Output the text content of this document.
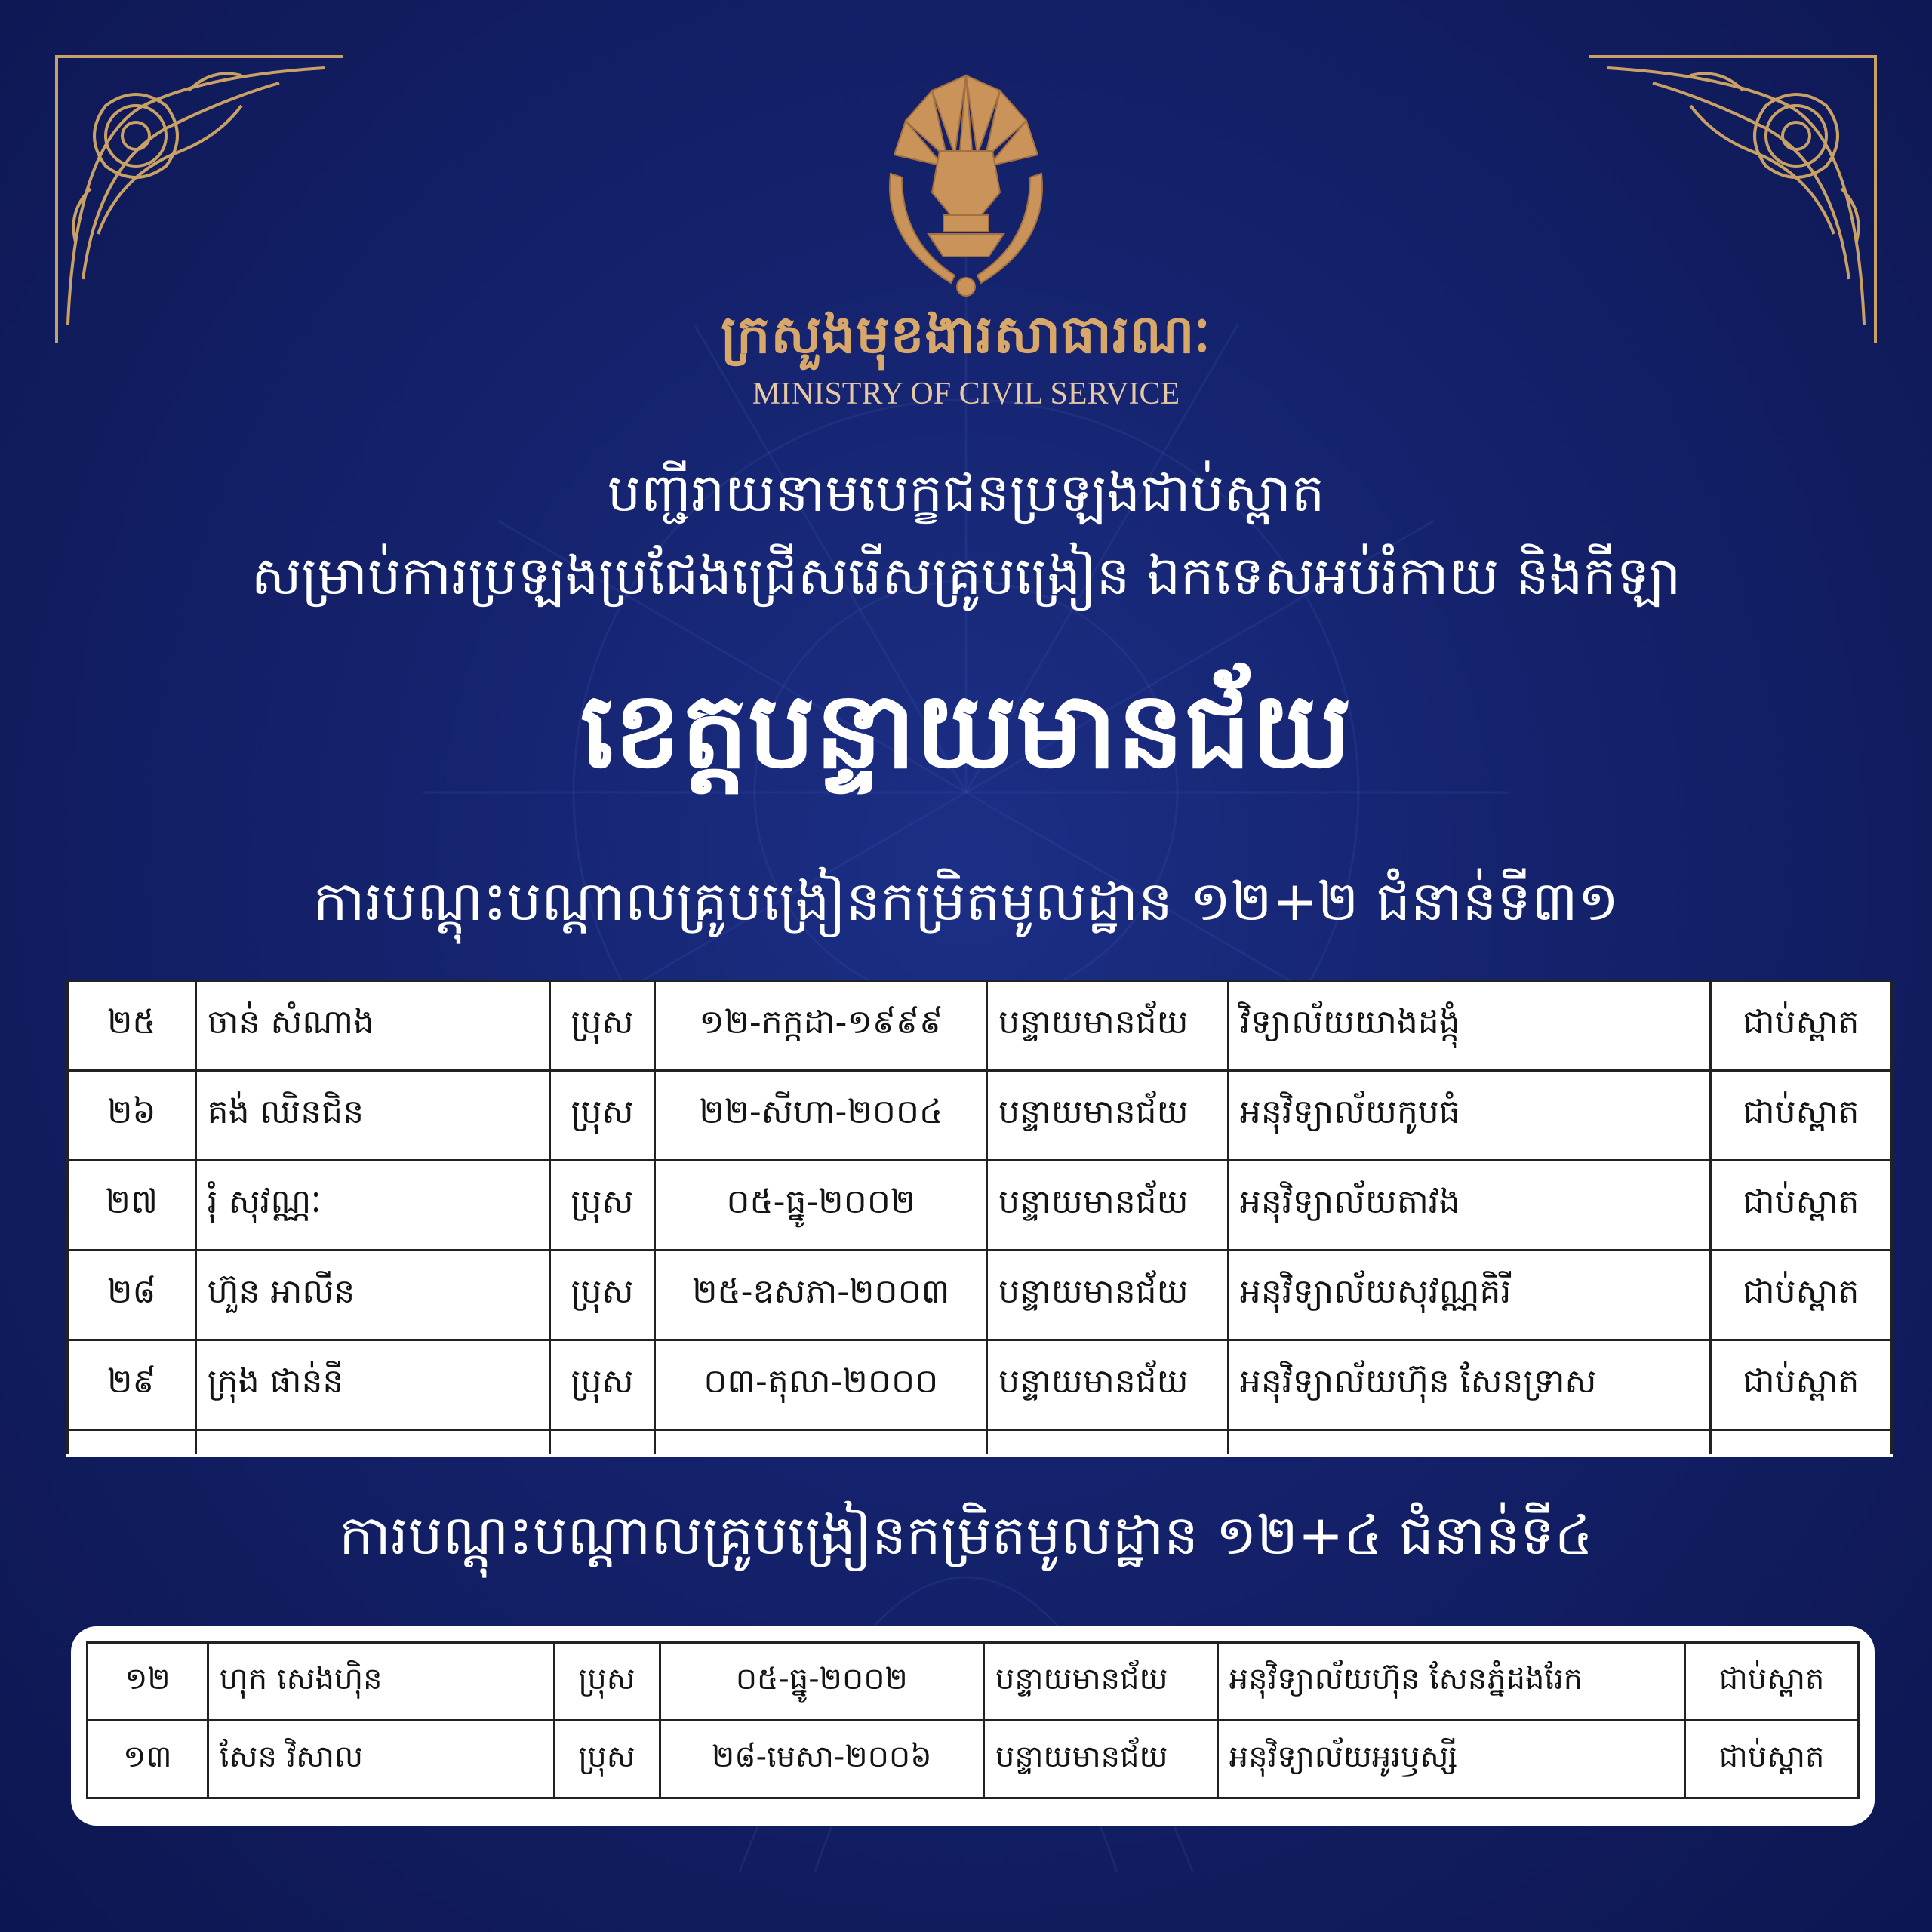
ក្រសួងមុខងារសាធារណៈ
MINISTRY OF CIVIL SERVICE
បញ្ជីរាយនាមបេក្ខជនប្រឡងជាប់ស្ពាត
សម្រាប់ការប្រឡងប្រជែងជ្រើសរើសគ្រូបង្រៀន ឯកទេសអប់រំកាយ និងកីឡា
ខេត្តបន្ទាយមានជ័យ
ការបណ្តុះបណ្តាលគ្រូបង្រៀនកម្រិតមូលដ្ឋាន ១២+២ ជំនាន់ទី៣១
២៥	ចាន់ សំណាង	ប្រុស	១២-កក្កដា-១៩៩៩	បន្ទាយមានជ័យ	វិទ្យាល័យយាងដង្កុំ	ជាប់ស្ពាត
២៦	គង់ ឈិនជិន	ប្រុស	២២-សីហា-២០០៤	បន្ទាយមានជ័យ	អនុវិទ្យាល័យកូបធំ	ជាប់ស្ពាត
២៧	រុំ សុវណ្ណៈ	ប្រុស	០៥-ធ្នូ-២០០២	បន្ទាយមានជ័យ	អនុវិទ្យាល័យតាវង	ជាប់ស្ពាត
២៨	ហ៊ួន អាលីន	ប្រុស	២៥-ឧសភា-២០០៣	បន្ទាយមានជ័យ	អនុវិទ្យាល័យសុវណ្ណគិរី	ជាប់ស្ពាត
២៩	ក្រុង ផាន់នី	ប្រុស	០៣-តុលា-២០០០	បន្ទាយមានជ័យ	អនុវិទ្យាល័យហ៊ុន សែនទ្រាស	ជាប់ស្ពាត

ការបណ្តុះបណ្តាលគ្រូបង្រៀនកម្រិតមូលដ្ឋាន ១២+៤ ជំនាន់ទី៤
១២	ហុក សេងហ៊ិន	ប្រុស	០៥-ធ្នូ-២០០២	បន្ទាយមានជ័យ	អនុវិទ្យាល័យហ៊ុន សែនភ្នំដងរែក	ជាប់ស្ពាត
១៣	សែន វិសាល	ប្រុស	២៨-មេសា-២០០៦	បន្ទាយមានជ័យ	អនុវិទ្យាល័យអូរឫស្សី	ជាប់ស្ពាត
